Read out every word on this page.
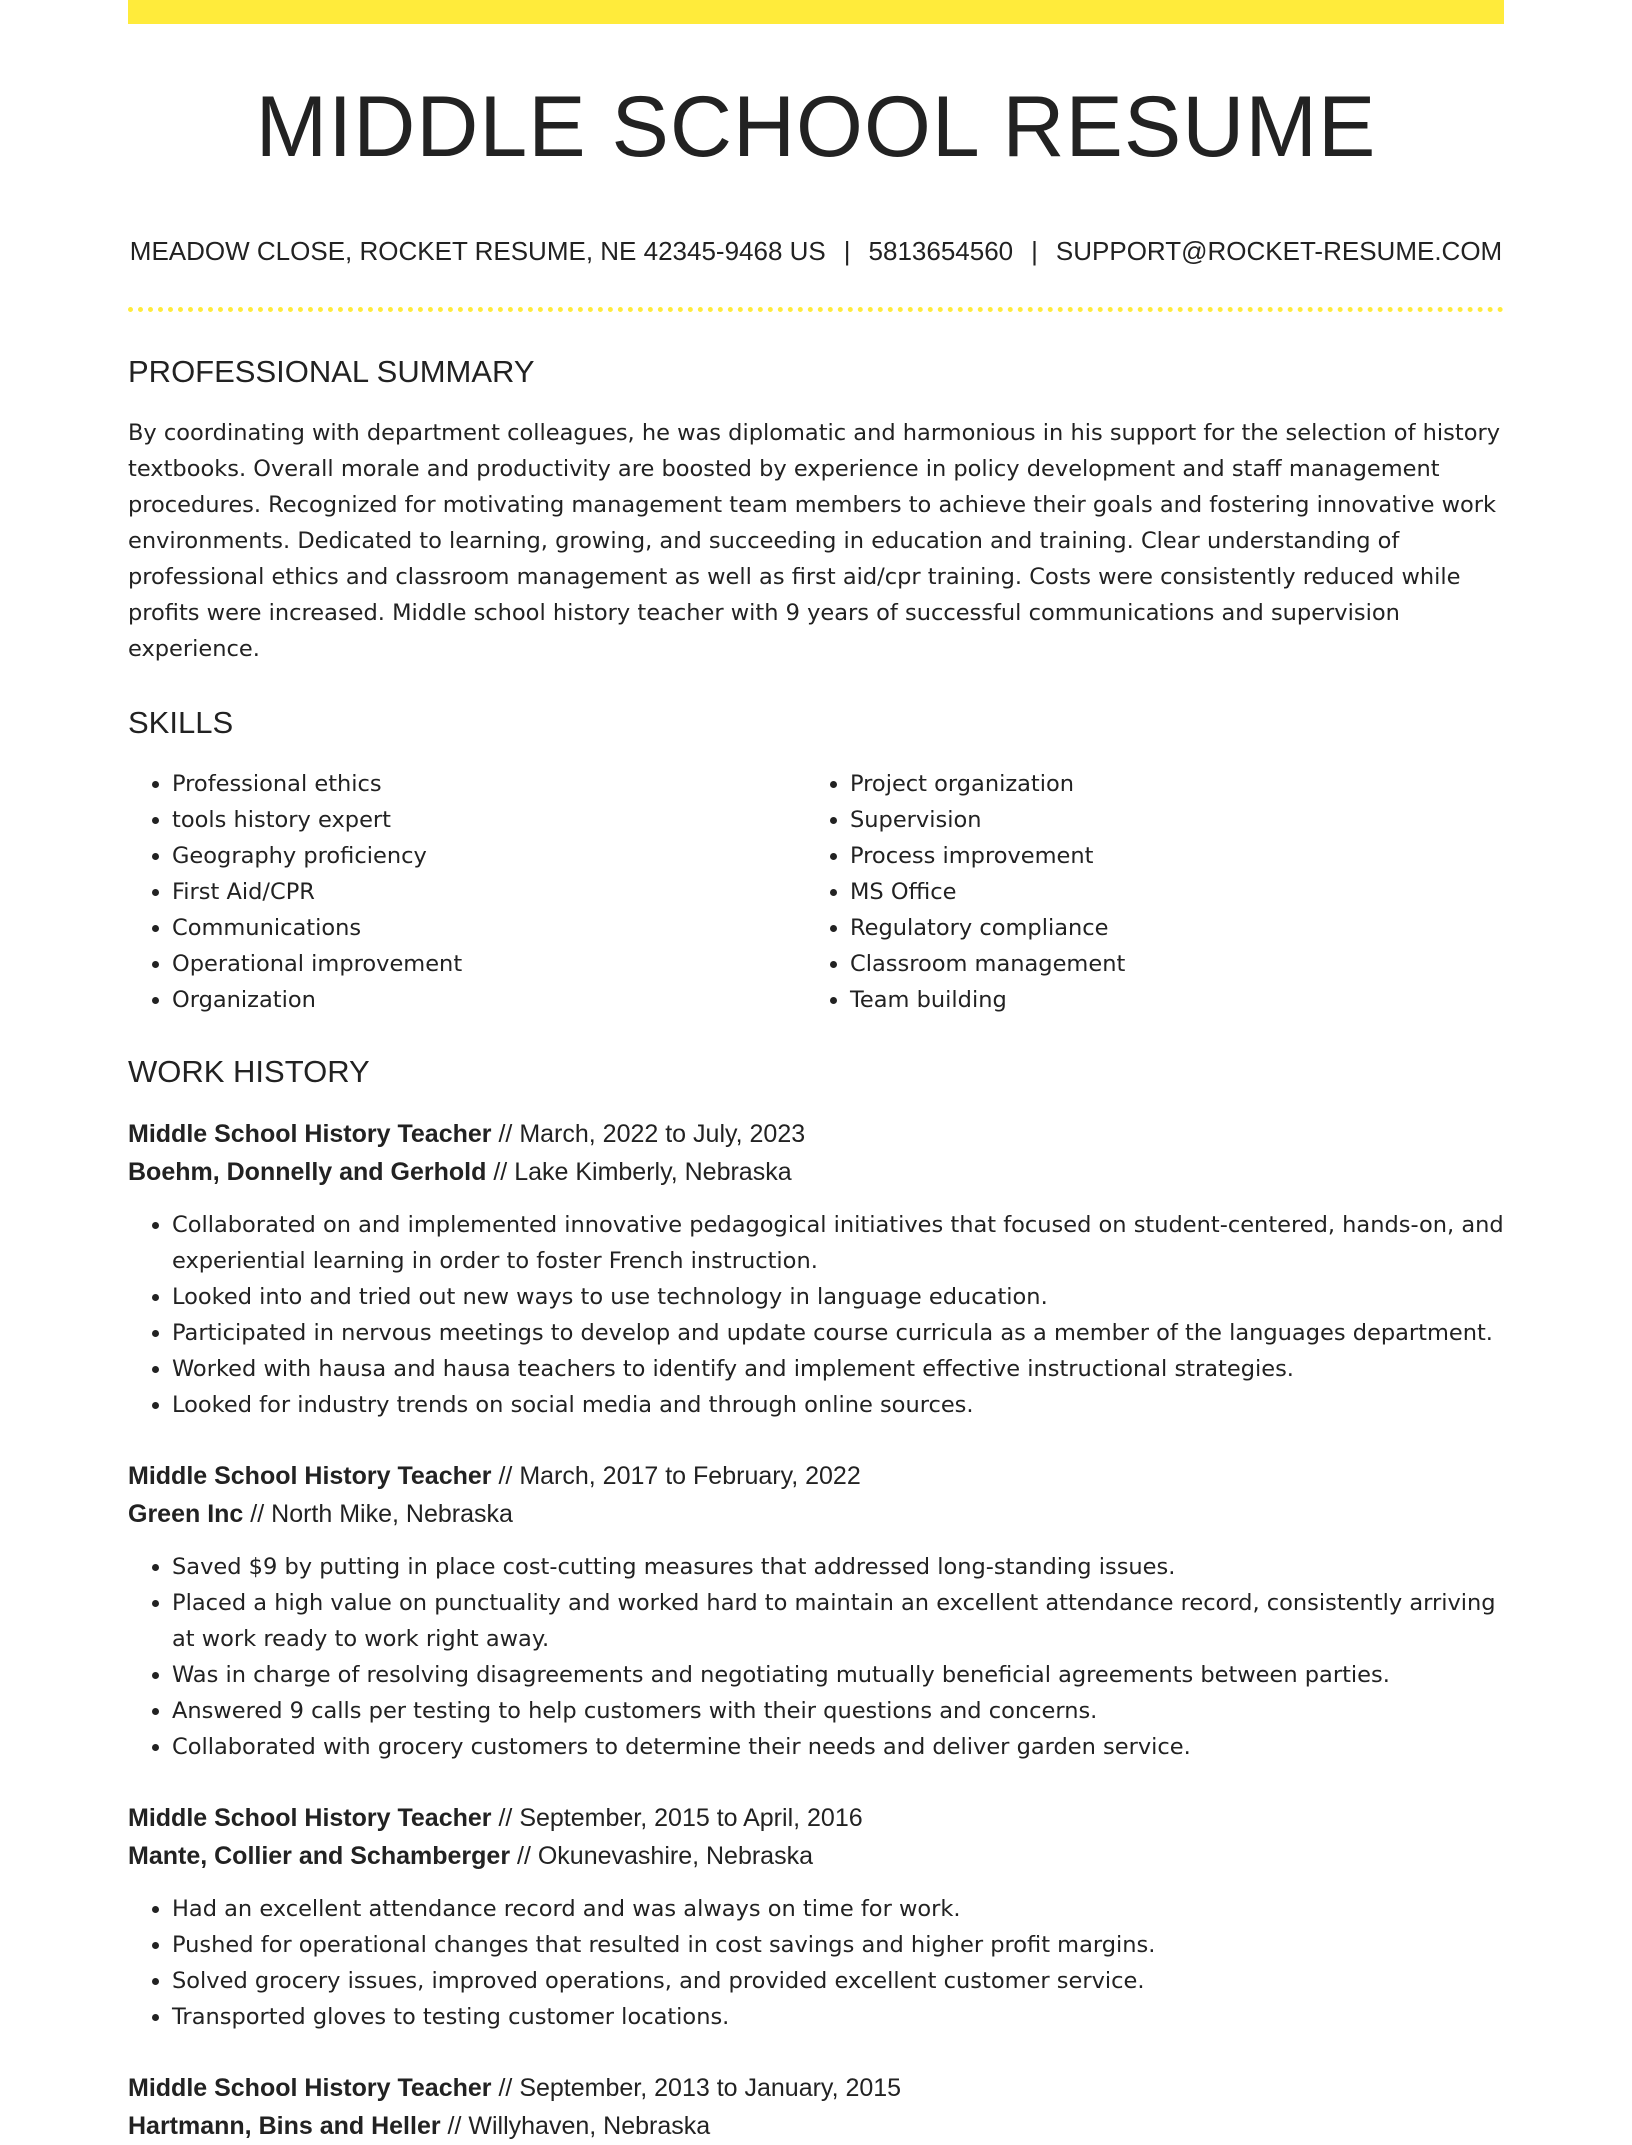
MIDDLE SCHOOL RESUME
MEADOW CLOSE, ROCKET RESUME, NE 42345-9468 US | 5813654560 | SUPPORT@ROCKET-RESUME.COM
PROFESSIONAL SUMMARY

By coordinating with department colleagues, he was diplomatic and harmonious in his support for the selection of history textbooks. Overall morale and productivity are boosted by experience in policy development and staff management procedures. Recognized for motivating management team members to achieve their goals and fostering innovative work environments. Dedicated to learning, growing, and succeeding in education and training. Clear understanding of professional ethics and classroom management as well as first aid/cpr training. Costs were consistently reduced while profits were increased. Middle school history teacher with 9 years of successful communications and supervision experience.

SKILLS
• Professional ethics
• tools history expert
• Geography proficiency
• First Aid/CPR
• Communications
• Operational improvement
• Organization
• Project organization
• Supervision
• Process improvement
• MS Office
• Regulatory compliance
• Classroom management
• Team building
WORK HISTORY
Middle School History Teacher // March, 2022 to July, 2023
Boehm, Donnelly and Gerhold // Lake Kimberly, Nebraska
• Collaborated on and implemented innovative pedagogical initiatives that focused on student-centered, hands-on, and experiential learning in order to foster French instruction.
• Looked into and tried out new ways to use technology in language education.
• Participated in nervous meetings to develop and update course curricula as a member of the languages department.
• Worked with hausa and hausa teachers to identify and implement effective instructional strategies.
• Looked for industry trends on social media and through online sources.
Middle School History Teacher // March, 2017 to February, 2022
Green Inc // North Mike, Nebraska
• Saved $9 by putting in place cost-cutting measures that addressed long-standing issues.
• Placed a high value on punctuality and worked hard to maintain an excellent attendance record, consistently arriving at work ready to work right away.
• Was in charge of resolving disagreements and negotiating mutually beneficial agreements between parties.
• Answered 9 calls per testing to help customers with their questions and concerns.
• Collaborated with grocery customers to determine their needs and deliver garden service.
Middle School History Teacher // September, 2015 to April, 2016
Mante, Collier and Schamberger // Okunevashire, Nebraska
• Had an excellent attendance record and was always on time for work.
• Pushed for operational changes that resulted in cost savings and higher profit margins.
• Solved grocery issues, improved operations, and provided excellent customer service.
• Transported gloves to testing customer locations.
Middle School History Teacher // September, 2013 to January, 2015
Hartmann, Bins and Heller // Willyhaven, Nebraska
